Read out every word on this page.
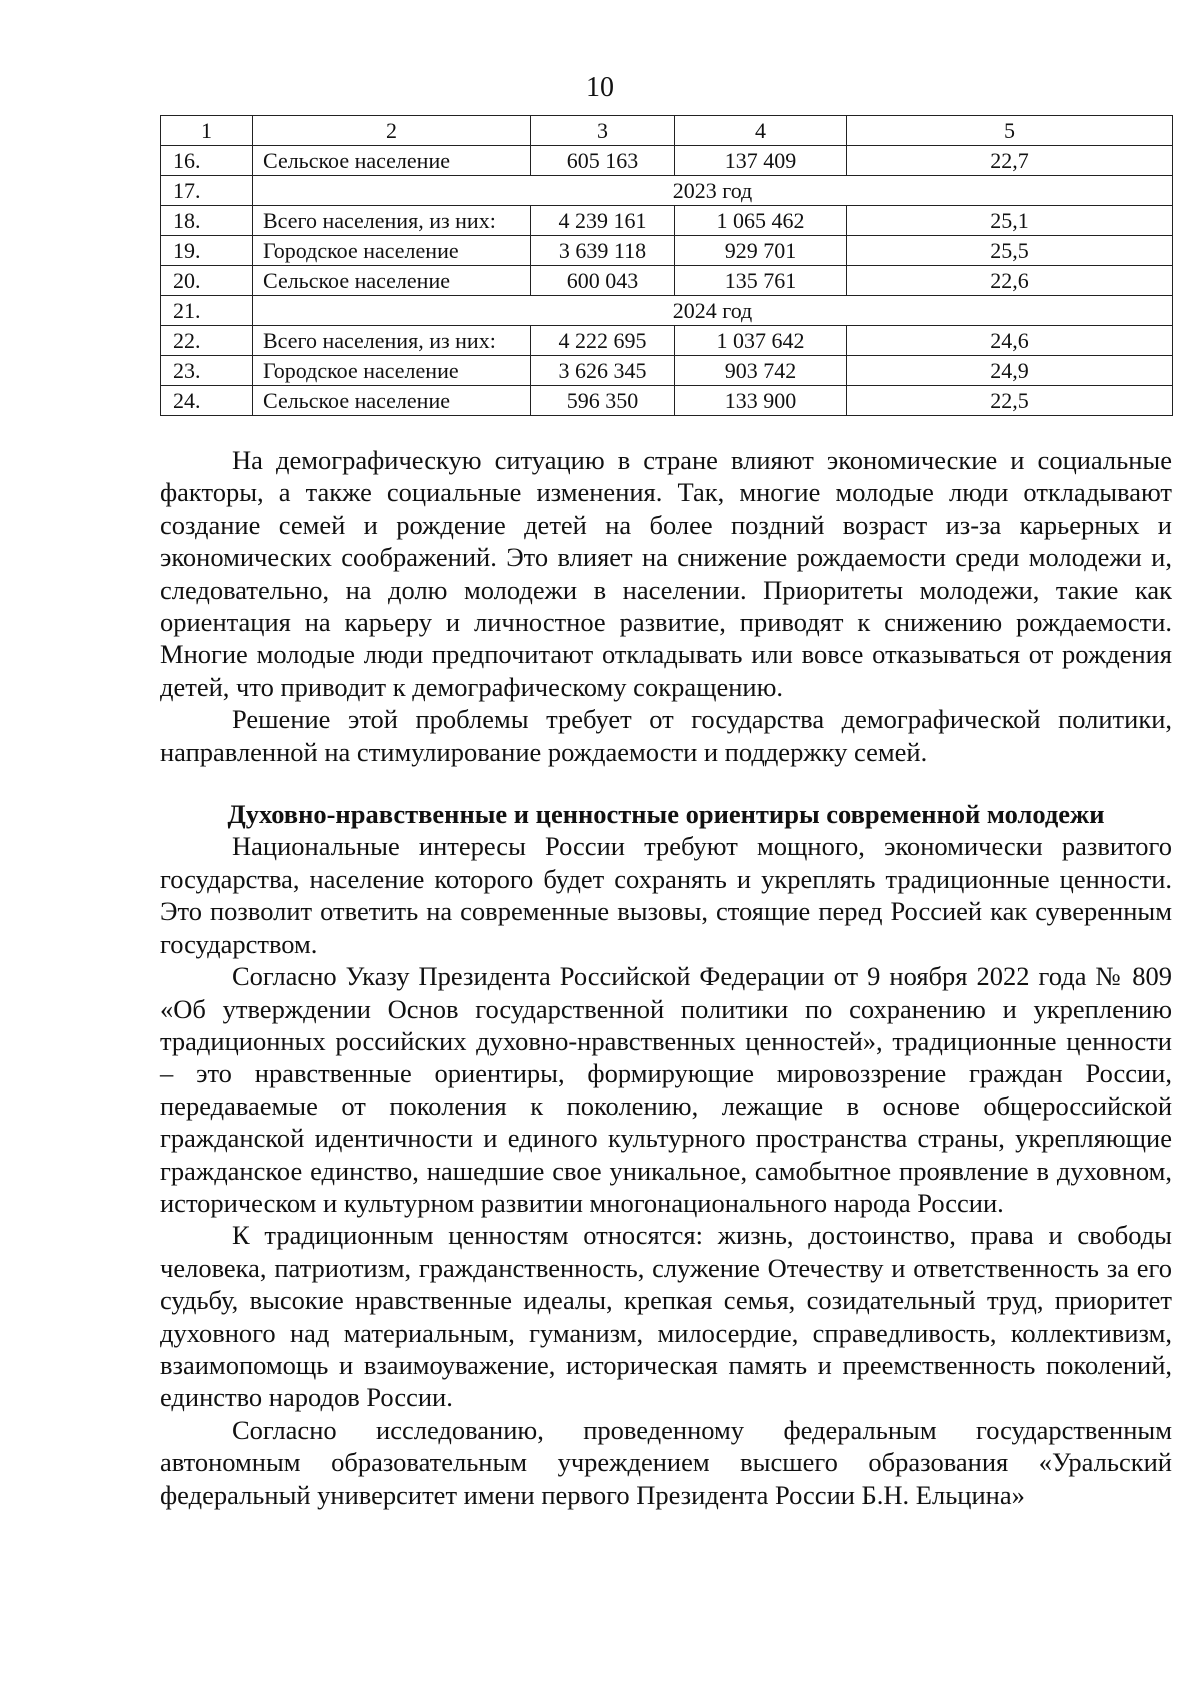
10
1	2	3	4	5
16.	Сельское население	605 163	137 409	22,7
17.	2023 год			
18.	Всего населения, из них:	4 239 161	1 065 462	25,1
19.	Городское население	3 639 118	929 701	25,5
20.	Сельское население	600 043	135 761	22,6
21.	2024 год			
22.	Всего населения, из них:	4 222 695	1 037 642	24,6
23.	Городское население	3 626 345	903 742	24,9
24.	Сельское население	596 350	133 900	22,5

На демографическую ситуацию в стране влияют экономические и социальные факторы, а также социальные изменения. Так, многие молодые люди откладывают создание семей и рождение детей на более поздний возраст из-за карьерных и экономических соображений. Это влияет на снижение рождаемости среди молодежи и, следовательно, на долю молодежи в населении. Приоритеты молодежи, такие как ориентация на карьеру и личностное развитие, приводят к снижению рождаемости. Многие молодые люди предпочитают откладывать или вовсе отказываться от рождения детей, что приводит к демографическому сокращению.

Решение этой проблемы требует от государства демографической политики, направленной на стимулирование рождаемости и поддержку семей.

Духовно-нравственные и ценностные ориентиры современной молодежи

Национальные интересы России требуют мощного, экономически развитого государства, население которого будет сохранять и укреплять традиционные ценности. Это позволит ответить на современные вызовы, стоящие перед Россией как суверенным государством.

Согласно Указу Президента Российской Федерации от 9 ноября 2022 года № 809 «Об утверждении Основ государственной политики по сохранению и укреплению традиционных российских духовно-нравственных ценностей», традиционные ценности – это нравственные ориентиры, формирующие мировоззрение граждан России, передаваемые от поколения к поколению, лежащие в основе общероссийской гражданской идентичности и единого культурного пространства страны, укрепляющие гражданское единство, нашедшие свое уникальное, самобытное проявление в духовном, историческом и культурном развитии многонационального народа России.

К традиционным ценностям относятся: жизнь, достоинство, права и свободы человека, патриотизм, гражданственность, служение Отечеству и ответственность за его судьбу, высокие нравственные идеалы, крепкая семья, созидательный труд, приоритет духовного над материальным, гуманизм, милосердие, справедливость, коллективизм, взаимопомощь и взаимоуважение, историческая память и преемственность поколений, единство народов России.

Согласно исследованию, проведенному федеральным государственным автономным образовательным учреждением высшего образования «Уральский федеральный университет имени первого Президента России Б.Н. Ельцина»
